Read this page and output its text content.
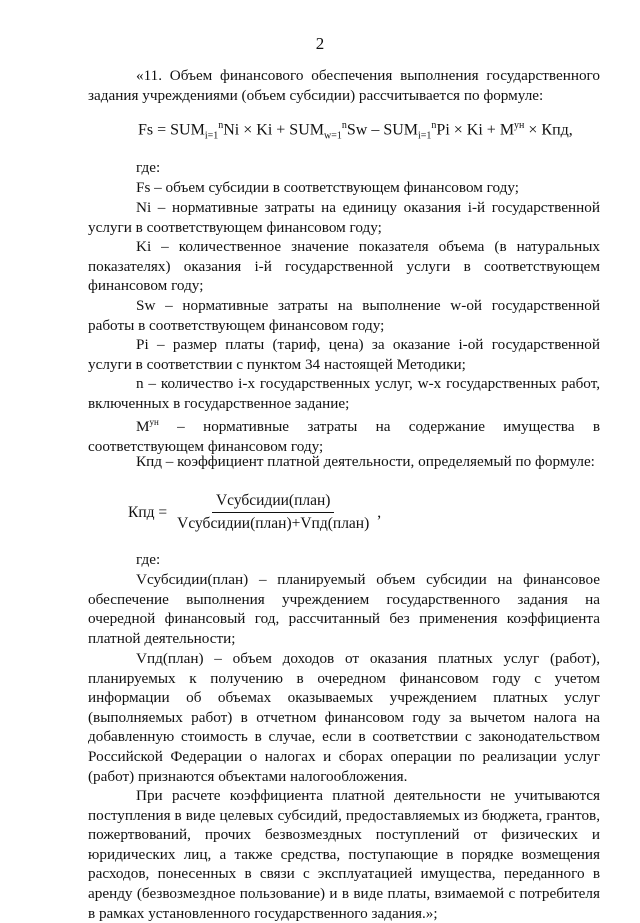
2

«11. Объем финансового обеспечения выполнения государственного задания учреждениями (объем субсидии) рассчитывается по формуле:

$Fs = SUM_{i=1}^nNi \times Ki + SUM_{w=1}^nSw - SUM_{i=1}^nPi \times Ki + M^{ун}$ × Кпд,

где:

Fs – объем субсидии в соответствующем финансовом году;

Ni – нормативные затраты на единицу оказания i-й государственной услуги в соответствующем финансовом году;

Ki – количественное значение показателя объема (в натуральных показателях) оказания i-й государственной услуги в соответствующем финансовом году;

Sw – нормативные затраты на выполнение w-ой государственной работы в соответствующем финансовом году;

Pi – размер платы (тариф, цена) за оказание i-ой государственной услуги в соответствии с пунктом 34 настоящей Методики;

n – количество i-х государственных услуг, w-х государственных работ, включенных в государственное задание;

$М^{ун}$ – нормативные затраты на содержание имущества в соответствующем финансовом году;

Кпд – коэффициент платной деятельности, определяемый по формуле:

Кпд = $\frac{\text{Vсубсидии(план)}}{\text{Vсубсидии(план)+Vпд(план)}}$ ,

где:

Vсубсидии(план) – планируемый объем субсидии на финансовое обеспечение выполнения учреждением государственного задания на очередной финансовый год, рассчитанный без применения коэффициента платной деятельности;

Vпд(план) – объем доходов от оказания платных услуг (работ), планируемых к получению в очередном финансовом году с учетом информации об объемах оказываемых учреждением платных услуг (выполняемых работ) в отчетном финансовом году за вычетом налога на добавленную стоимость в случае, если в соответствии с законодательством Российской Федерации о налогах и сборах операции по реализации услуг (работ) признаются объектами налогообложения.

При расчете коэффициента платной деятельности не учитываются поступления в виде целевых субсидий, предоставляемых из бюджета, грантов, пожертвований, прочих безвозмездных поступлений от физических и юридических лиц, а также средства, поступающие в порядке возмещения расходов, понесенных в связи с эксплуатацией имущества, переданного в аренду (безвозмездное пользование) и в виде платы, взимаемой с потребителя в рамках установленного государственного задания.»;
